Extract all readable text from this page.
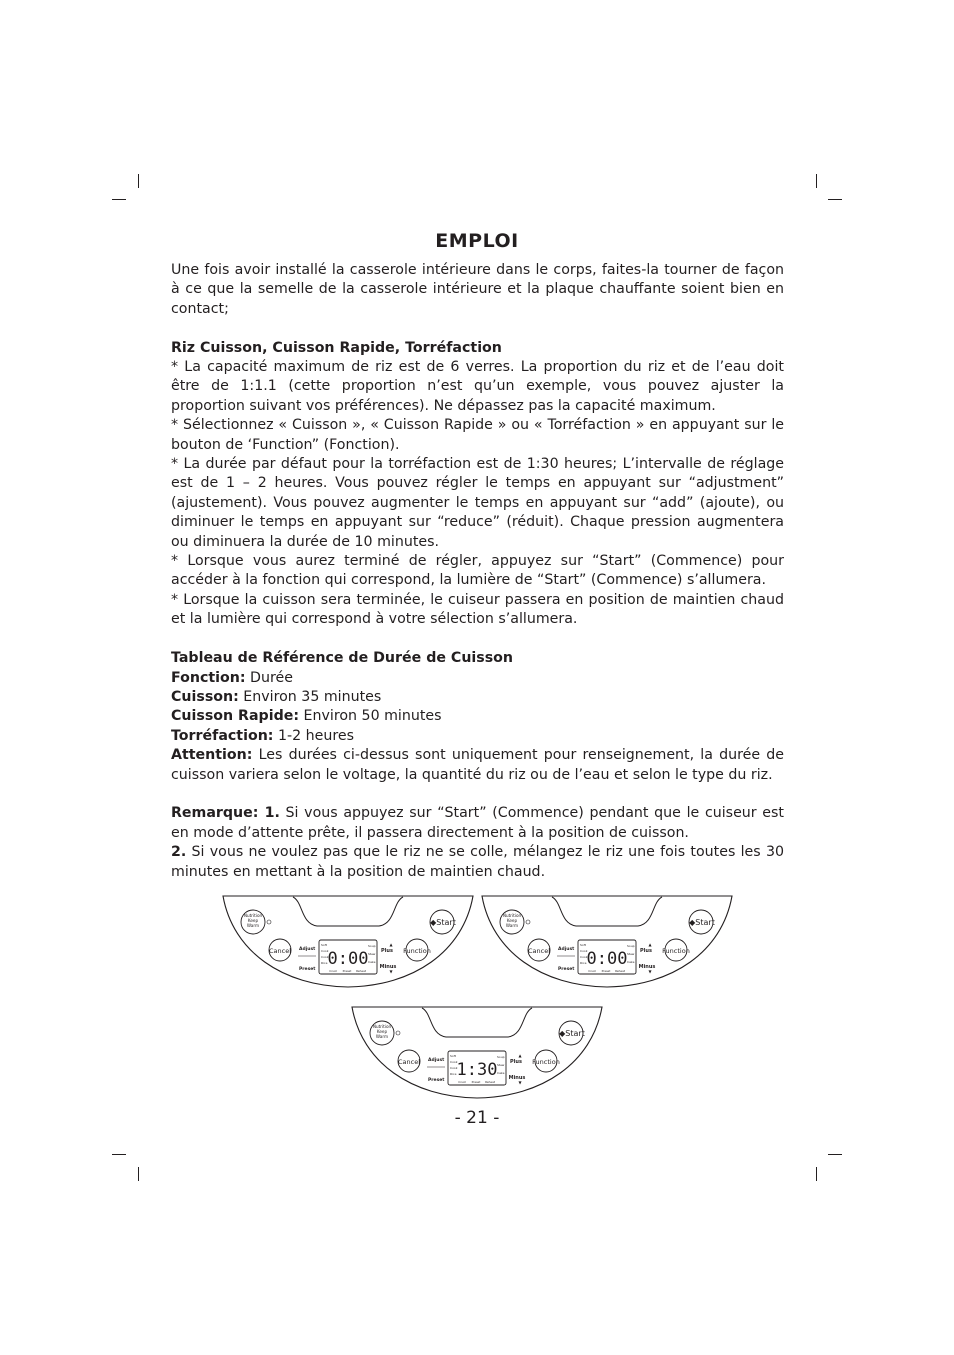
EMPLOI

Une fois avoir installé la casserole intérieure dans le corps, faites-la tourner de façon à ce que la semelle de la casserole intérieure et la plaque chauffante soient bien en contact;

Riz Cuisson, Cuisson Rapide, Torréfaction

* La capacité maximum de riz est de 6 verres. La proportion du riz et de l’eau doit être de 1:1.1 (cette proportion n’est qu’un exemple, vous pouvez ajuster la proportion suivant vos préférences). Ne dépassez pas la capacité maximum.

* Sélectionnez « Cuisson », « Cuisson Rapide » ou « Torréfaction » en appuyant sur le bouton de ‘Function” (Fonction).

* La durée par défaut pour la torréfaction est de 1:30 heures; L’intervalle de réglage est de 1 – 2 heures. Vous pouvez régler le temps en appuyant sur “adjustment” (ajustement). Vous pouvez augmenter le temps en appuyant sur “add” (ajoute), ou diminuer le temps en appuyant sur “reduce” (réduit). Chaque pression augmentera ou diminuera la durée de 10 minutes.

* Lorsque vous aurez terminé de régler, appuyez sur “Start” (Commence) pour accéder à la fonction qui correspond, la lumière de “Start” (Commence) s’allumera.

* Lorsque la cuisson sera terminée, le cuiseur passera en position de maintien chaud et la lumière qui correspond à votre sélection s’allumera.

Tableau de Référence de Durée de Cuisson

Fonction: Durée

Cuisson: Environ 35 minutes

Cuisson Rapide: Environ 50 minutes

Torréfaction: 1-2 heures

Attention: Les durées ci-dessus sont uniquement pour renseignement, la durée de cuisson variera selon le voltage, la quantité du riz ou de l’eau et selon le type du riz.

Remarque: 1. Si vous appuyez sur “Start” (Commence) pendant que le cuiseur est en mode d’attente prête, il passera directement à la position de cuisson.

2. Si vous ne voulez pas que le riz ne se colle, mélangez le riz une fois toutes les 30 minutes en mettant à la position de maintien chaud.

Nutrition
Keep
Warm	◆Start
Cancel	Function
Adjust
Preset
Soft
Cook
Cook
Rice
Soup
Stew
Cake
0:00
Crust	Preset	Reheat
▲
Plus
Minus
▼
Nutrition
Keep
Warm	◆Start
Cancel	Function
Adjust
Preset
Soft
Cook
Cook
Rice
Soup
Stew
Cake
0:00
Crust	Preset	Reheat
▲
Plus
Minus
▼
Nutrition
Keep
Warm	◆Start
Cancel	Function
Adjust
Preset
Soft
Cook
Cook
Rice
Soup
Stew
Cake
1:30
Crust	Preset	Reheat
▲
Plus
Minus
▼
- 21 -
